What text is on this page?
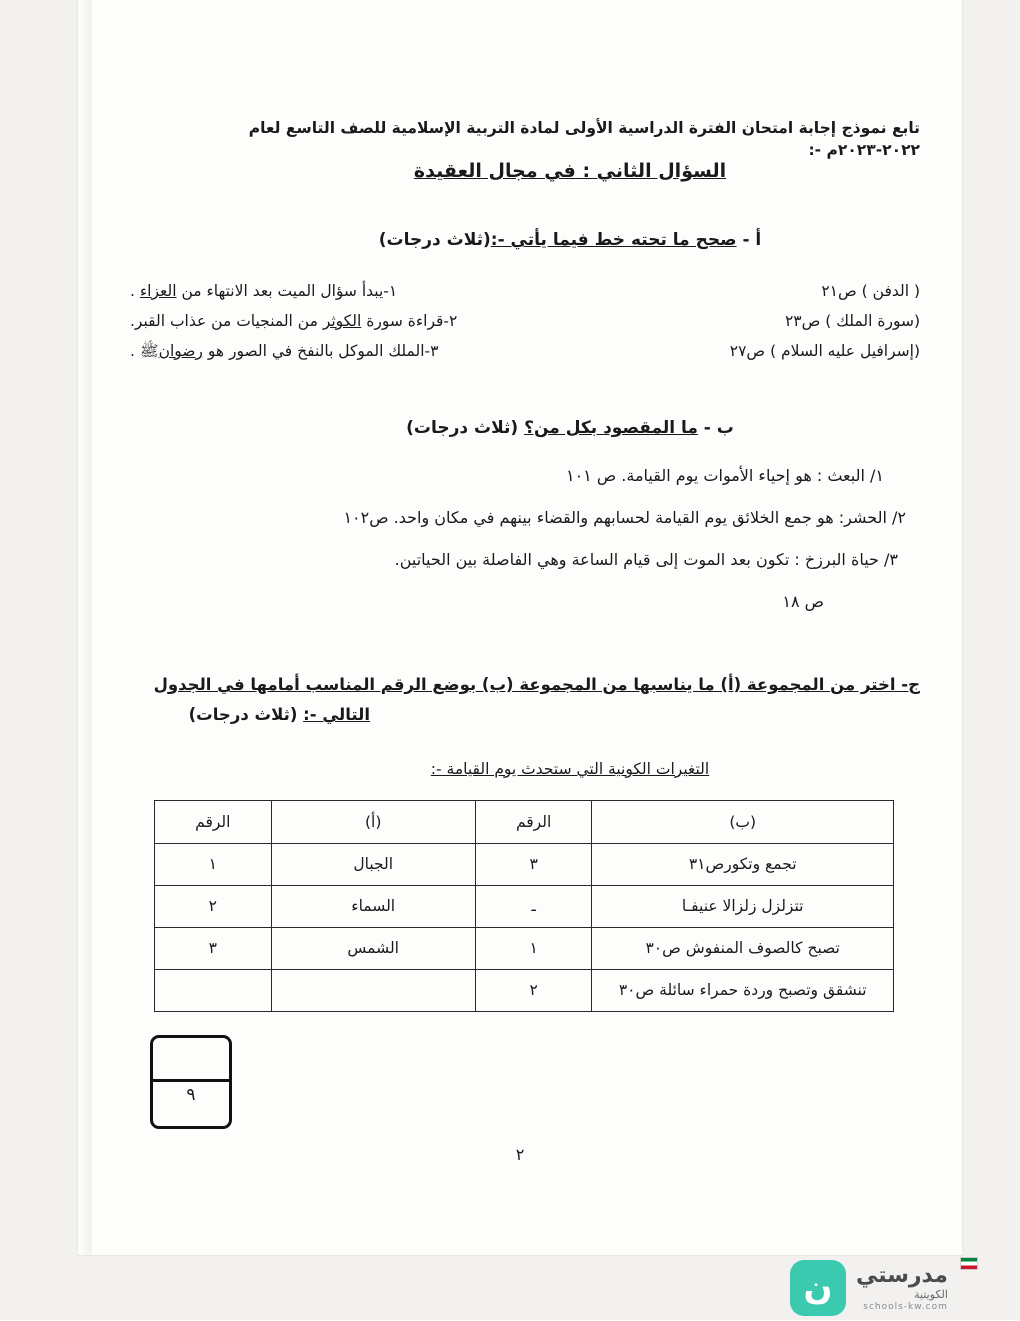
تابع نموذج إجابة امتحان الفترة الدراسية الأولى لمادة التربية الإسلامية للصف التاسع لعام ٢٠٢٢-٢٠٢٣م -:
السؤال الثاني : في مجال العقيدة
أ - صحح ما تحته خط فيما يأتي -:(ثلاث درجات)
( الدفن ) ص٢١
١-يبدأ سؤال الميت بعد الانتهاء من العزاء .
(سورة الملك ) ص٢٣
٢-قراءة سورة الكوثر من المنجيات من عذاب القبر.
(إسرافيل عليه السلام ) ص٢٧
٣-الملك الموكل بالنفخ في الصور هو رضوانﷺ .
ب - ما المقصود بكل من؟ (ثلاث درجات)
١/ البعث : هو إحياء الأموات يوم القيامة. ص ١٠١
٢/ الحشر: هو جمع الخلائق يوم القيامة لحسابهم والقضاء بينهم في مكان واحد. ص١٠٢
٣/ حياة البرزخ : تكون بعد الموت إلى قيام الساعة وهي الفاصلة بين الحياتين.
ص ١٨
ج- اختر من المجموعة (أ) ما يناسبها من المجموعة (ب) بوضع الرقم المناسب أمامها في الجدول
التالي -: (ثلاث درجات)
التغيرات الكونية التي ستحدث يوم القيامة -:
(ب)	الرقم	(أ)	الرقم
تجمع وتكورص٣١	٣	الجبال	١
تتزلزل زلزالا عنيفـا	ـ	السماء	٢
تصبح كالصوف المنفوش ص٣٠	١	الشمس	٣
تنشقق وتصبح وردة حمراء سائلة ص٣٠	٢		
٩
٢
ن	مدرستي
الكويتية
schools-kw.com
